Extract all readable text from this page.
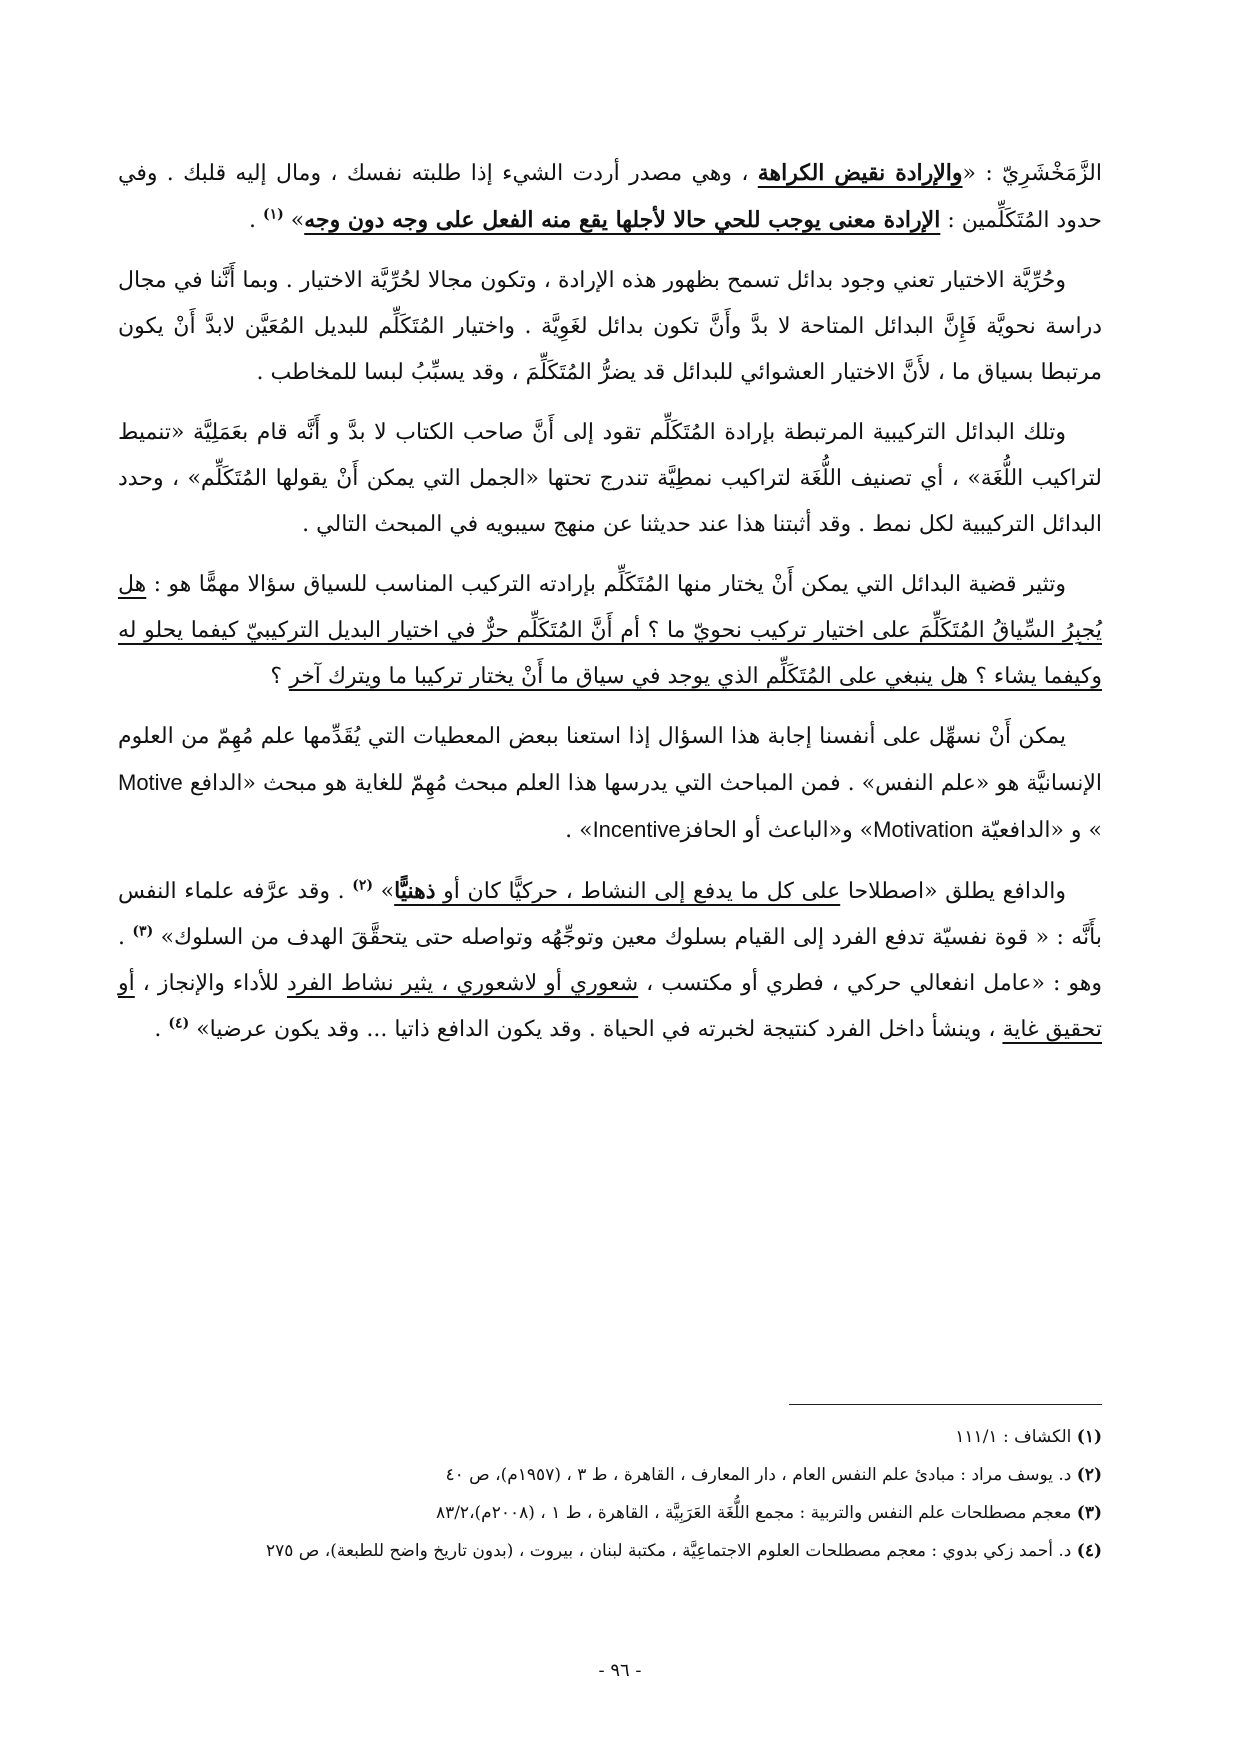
الزَّمَخْشَرِيّ : «والإرادة نقيض الكراهة ، وهي مصدر أردت الشيء إذا طلبته نفسك ، ومال إليه قلبك . وفي حدود المُتَكَلِّمين : الإرادة معنى يوجب للحي حالا لأجلها يقع منه الفعل على وجه دون وجه» $^{(١)}$ .

وحُرِّيَّة الاختيار تعني وجود بدائل تسمح بظهور هذه الإرادة ، وتكون مجالا لحُرِّيَّة الاختيار . وبما أَنَّنا في مجال دراسة نحويَّة فَإِنَّ البدائل المتاحة لا بدَّ وأَنَّ تكون بدائل لغَوِيَّة . واختيار المُتَكَلِّم للبديل المُعَيَّن لابدَّ أَنْ يكون مرتبطا بسياق ما ، لأَنَّ الاختيار العشوائي للبدائل قد يضرُّ المُتَكَلِّمَ ، وقد يسبِّبُ لبسا للمخاطب .

وتلك البدائل التركيبية المرتبطة بإرادة المُتَكَلِّم تقود إلى أَنَّ صاحب الكتاب لا بدَّ و أَنَّه قام بعَمَلِيَّة «تنميط لتراكيب اللُّغَة» ، أي تصنيف اللُّغَة لتراكيب نمطِيَّة تندرج تحتها «الجمل التي يمكن أَنْ يقولها المُتَكَلِّم» ، وحدد البدائل التركيبية لكل نمط . وقد أثبتنا هذا عند حديثنا عن منهج سيبويه في المبحث التالي .

وتثير قضية البدائل التي يمكن أَنْ يختار منها المُتَكَلِّم بإرادته التركيب المناسب للسياق سؤالا مهمًّا هو : هل يُجبِرُ السِّياقُ المُتَكَلِّمَ على اختيار تركيب نحويّ ما ؟ أم أَنَّ المُتَكَلِّم حرٌّ في اختيار البديل التركيبيّ كيفما يحلو له وكيفما يشاء ؟ هل ينبغي على المُتَكَلِّم الذي يوجد في سياق ما أَنْ يختار تركيبا ما ويترك آخر ؟

يمكن أَنْ نسهِّل على أنفسنا إجابة هذا السؤال إذا استعنا ببعض المعطيات التي يُقَدِّمها علم مُهِمّ من العلوم الإنسانيَّة هو «علم النفس» . فمن المباحث التي يدرسها هذا العلم مبحث مُهِمّ للغاية هو مبحث «الدافع Motive » و «الدافعيّة Motivation» و«الباعث أو الحافزIncentive» .

والدافع يطلق «اصطلاحا على كل ما يدفع إلى النشاط ، حركيًّا كان أو ذهنيًّا» $^{(٢)}$ . وقد عرَّفه علماء النفس بأَنَّه : « قوة نفسيّة تدفع الفرد إلى القيام بسلوك معين وتوجِّهُه وتواصله حتى يتحقَّقَ الهدف من السلوك» $^{(٣)}$ . وهو : «عامل انفعالي حركي ، فطري أو مكتسب ، شعوري أو لاشعوري ، يثير نشاط الفرد للأداء والإنجاز ، أو تحقيق غاية ، وينشأ داخل الفرد كنتيجة لخبرته في الحياة . وقد يكون الدافع ذاتيا ... وقد يكون عرضيا» $^{(٤)}$ .

(١) الكشاف : ١١١/١

(٢) د. يوسف مراد : مبادئ علم النفس العام ، دار المعارف ، القاهرة ، ط ٣ ، (١٩٥٧م)، ص ٤٠

(٣) معجم مصطلحات علم النفس والتربية : مجمع اللُّغَة العَرَبِيَّة ، القاهرة ، ط ١ ، (٢٠٠٨م)،٨٣/٢

(٤) د. أحمد زكي بدوي : معجم مصطلحات العلوم الاجتماعِيَّة ، مكتبة لبنان ، بيروت ، (بدون تاريخ واضح للطبعة)، ص ٢٧٥

- ٩٦ -
